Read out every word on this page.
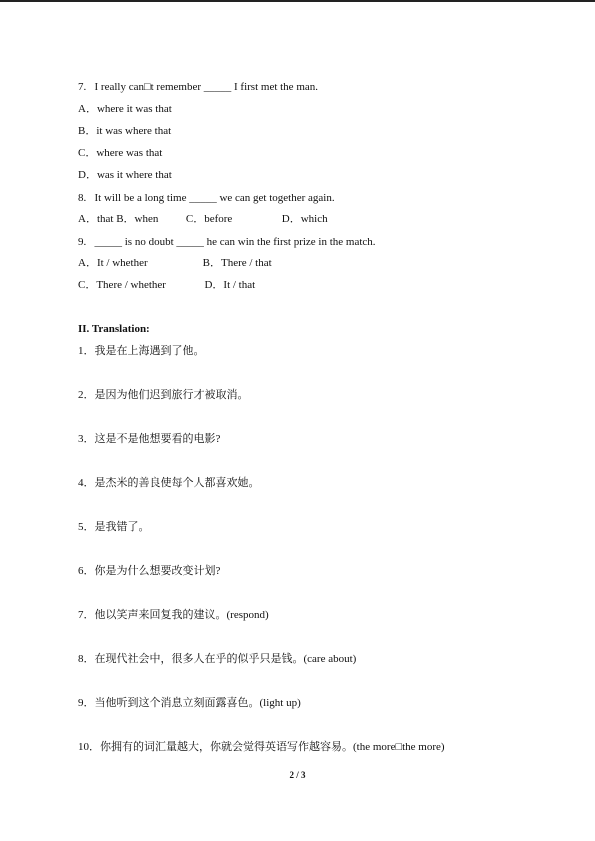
7.   I really can□t remember _____ I first met the man.
A．where it was that
B．it was where that
C．where was that
D．was it where that
8.   It will be a long time _____ we can get together again.
A．that B．when          C．before                  D．which
9.   _____ is no doubt _____ he can win the first prize in the match.
A．It / whether                    B．There / that
C．There / whether              D．It / that
II. Translation:
1．我是在上海遇到了他。
2．是因为他们迟到旅行才被取消。
3．这是不是他想要看的电影?
4．是杰米的善良使每个人都喜欢她。
5．是我错了。
6．你是为什么想要改变计划?
7．他以笑声来回复我的建议。(respond)
8．在现代社会中，很多人在乎的似乎只是钱。(care about)
9．当他听到这个消息立刻面露喜色。(light up)
10．你拥有的词汇量越大，你就会觉得英语写作越容易。(the more□the more)
2 / 3
